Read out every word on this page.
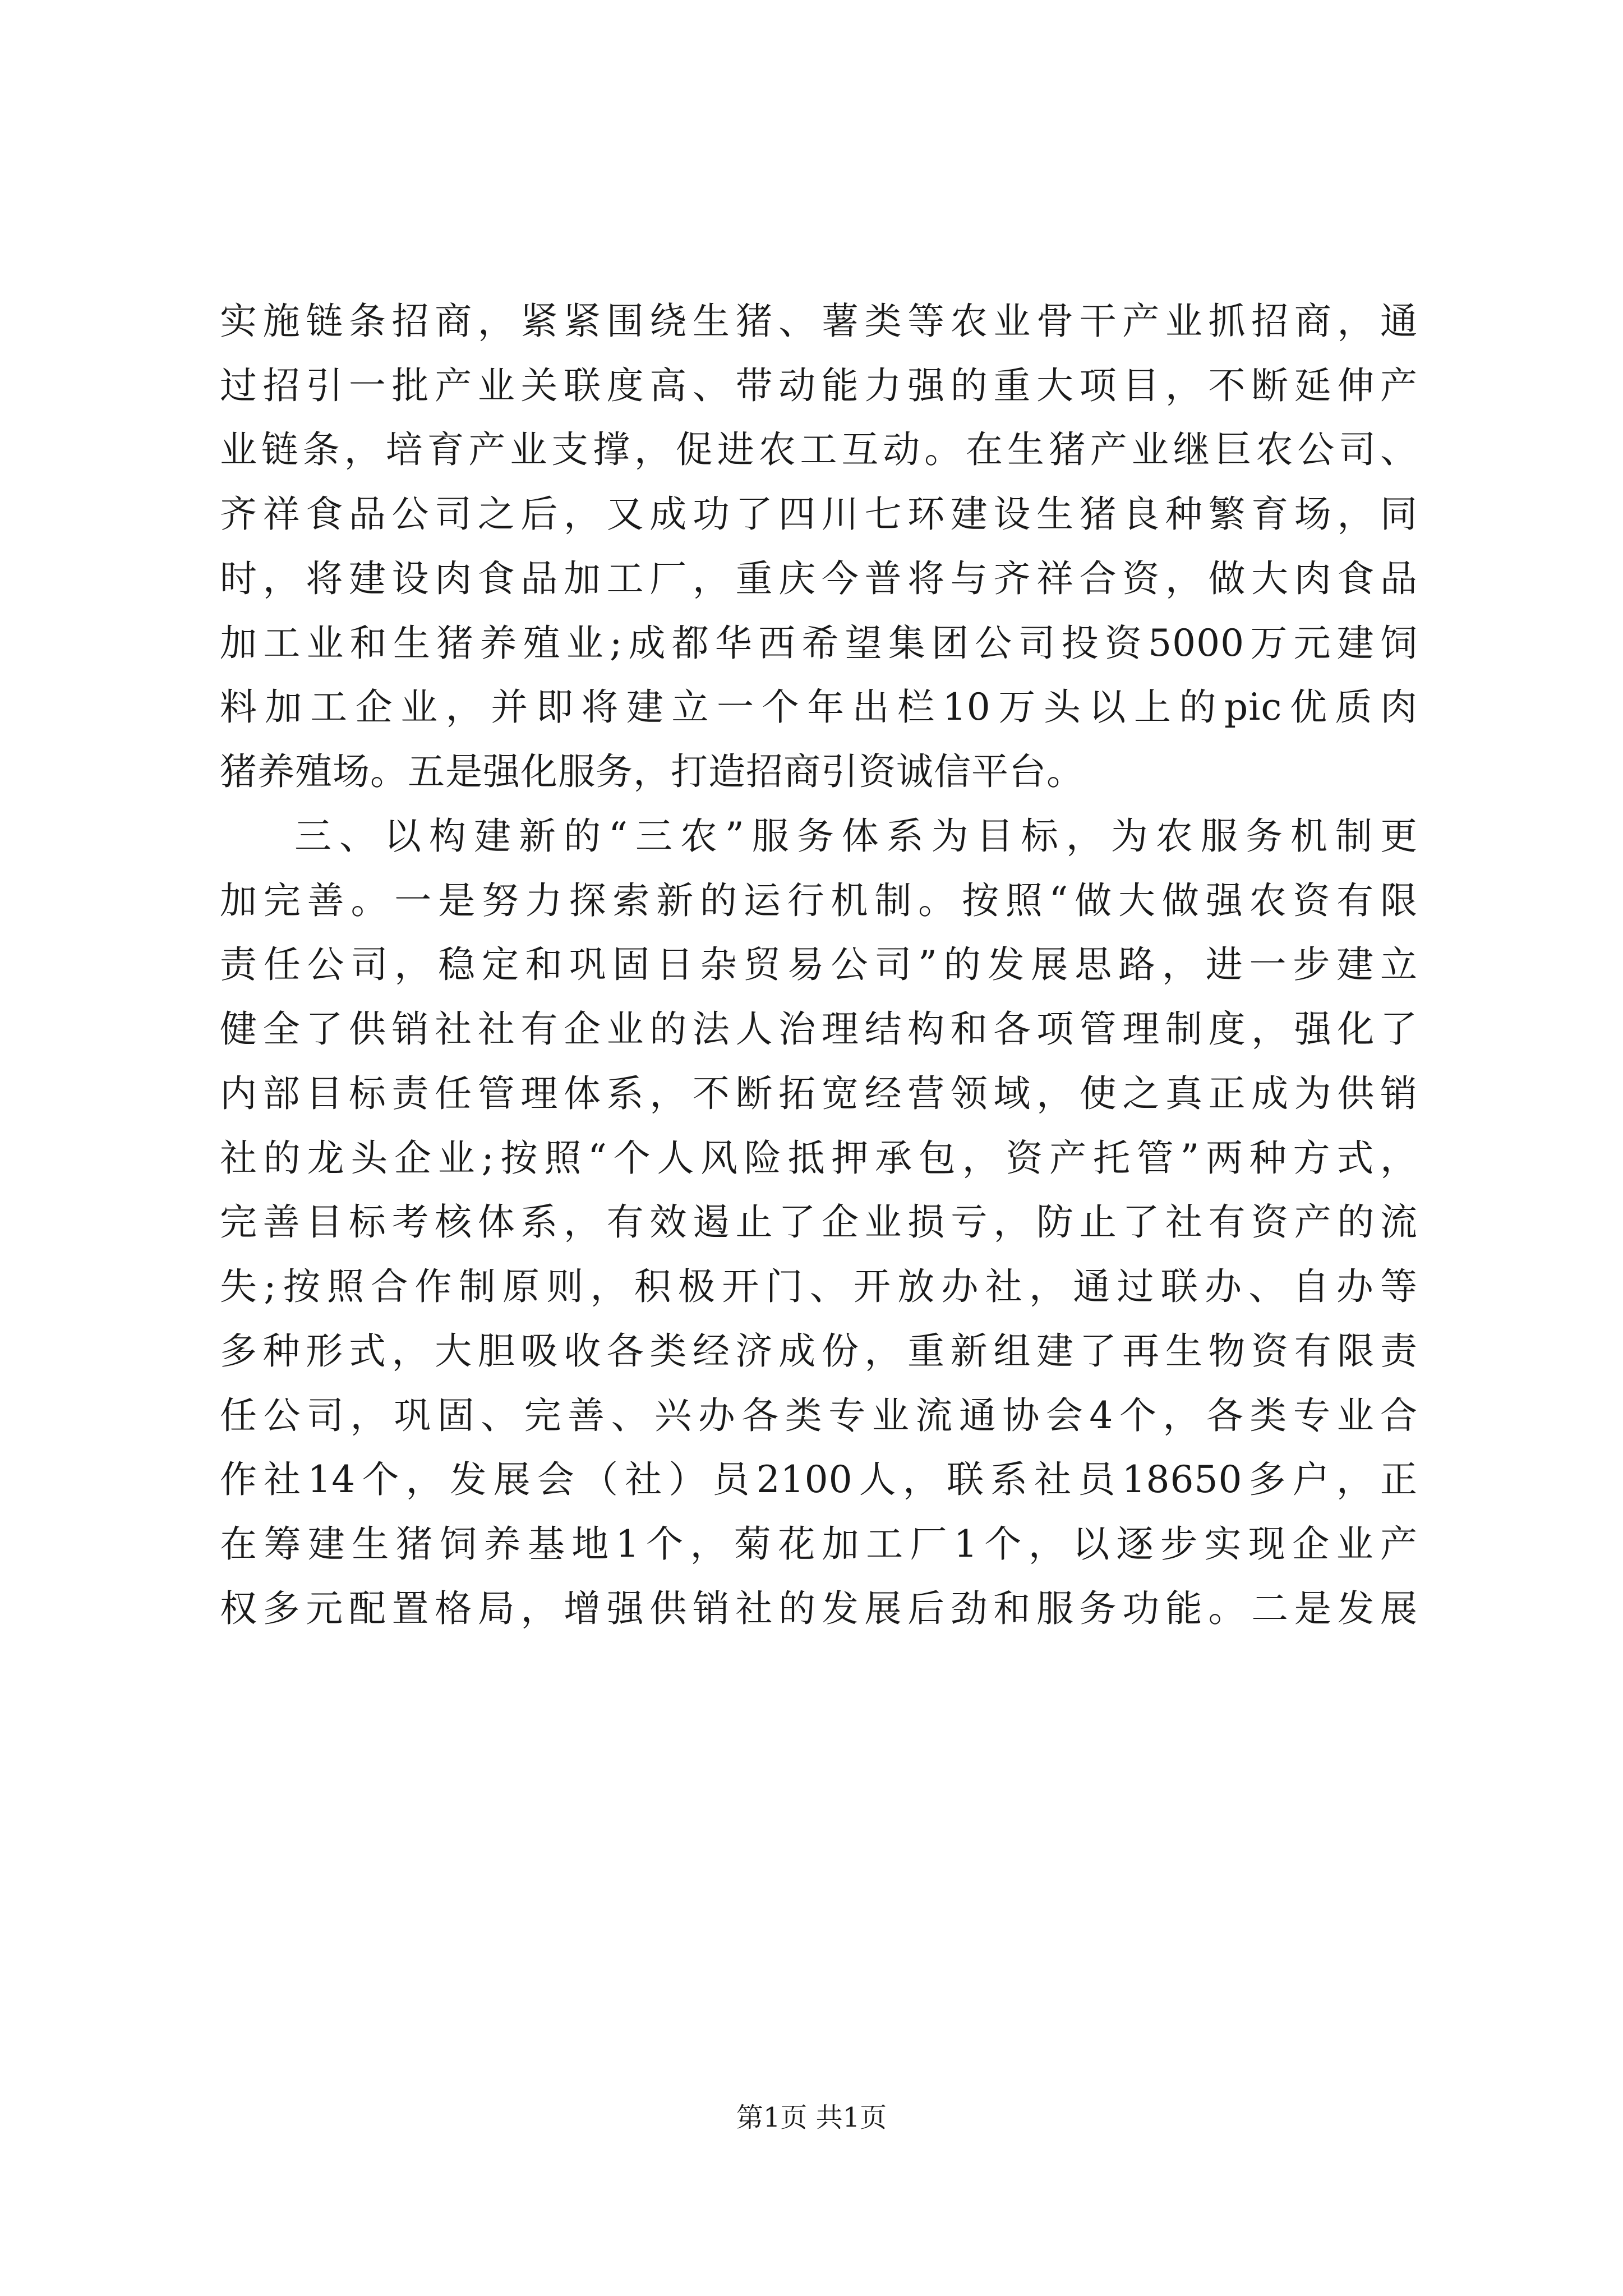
实施链条招商，紧紧围绕生猪、薯类等农业骨干产业抓招商，通
过招引一批产业关联度高、带动能力强的重大项目，不断延伸产
业链条，培育产业支撑，促进农工互动。在生猪产业继巨农公司、
齐祥食品公司之后，又成功了四川七环建设生猪良种繁育场，同
时，将建设肉食品加工厂，重庆今普将与齐祥合资，做大肉食品
加工业和生猪养殖业;成都华西希望集团公司投资5000万元建饲
料加工企业，并即将建立一个年出栏10万头以上的pic优质肉
猪养殖场。五是强化服务，打造招商引资诚信平台。
三、以构建新的“三农”服务体系为目标，为农服务机制更
加完善。一是努力探索新的运行机制。按照“做大做强农资有限
责任公司，稳定和巩固日杂贸易公司”的发展思路，进一步建立
健全了供销社社有企业的法人治理结构和各项管理制度，强化了
内部目标责任管理体系，不断拓宽经营领域，使之真正成为供销
社的龙头企业;按照“个人风险抵押承包，资产托管”两种方式，
完善目标考核体系，有效遏止了企业损亏，防止了社有资产的流
失;按照合作制原则，积极开门、开放办社，通过联办、自办等
多种形式，大胆吸收各类经济成份，重新组建了再生物资有限责
任公司，巩固、完善、兴办各类专业流通协会4个，各类专业合
作社14个，发展会（社）员2100人，联系社员18650多户，正
在筹建生猪饲养基地1个，菊花加工厂1个，以逐步实现企业产
权多元配置格局，增强供销社的发展后劲和服务功能。二是发展
第1页 共1页
